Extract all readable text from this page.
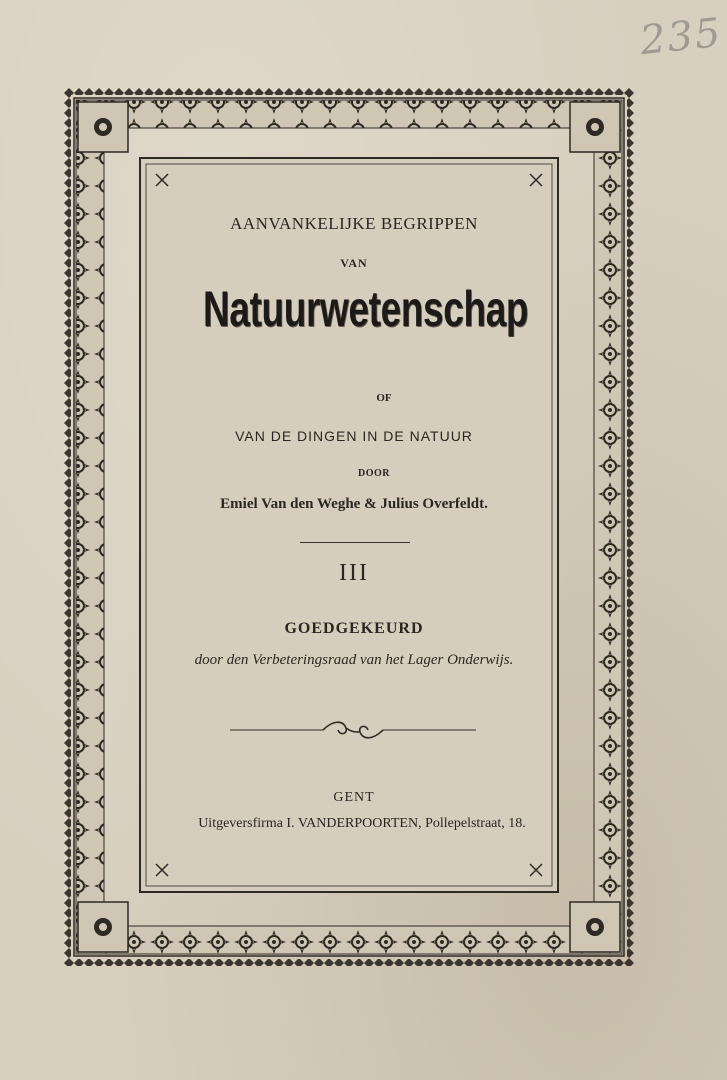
235
AANVANKELIJKE BEGRIPPEN
VAN
Natuurwetenschap
OF
VAN DE DINGEN IN DE NATUUR
DOOR
Emiel Van den Weghe & Julius Overfeldt.
III
GOEDGEKEURD
door den Verbeteringsraad van het Lager Onderwijs.
GENT
Uitgeversfirma I. VANDERPOORTEN, Pollepelstraat, 18.
